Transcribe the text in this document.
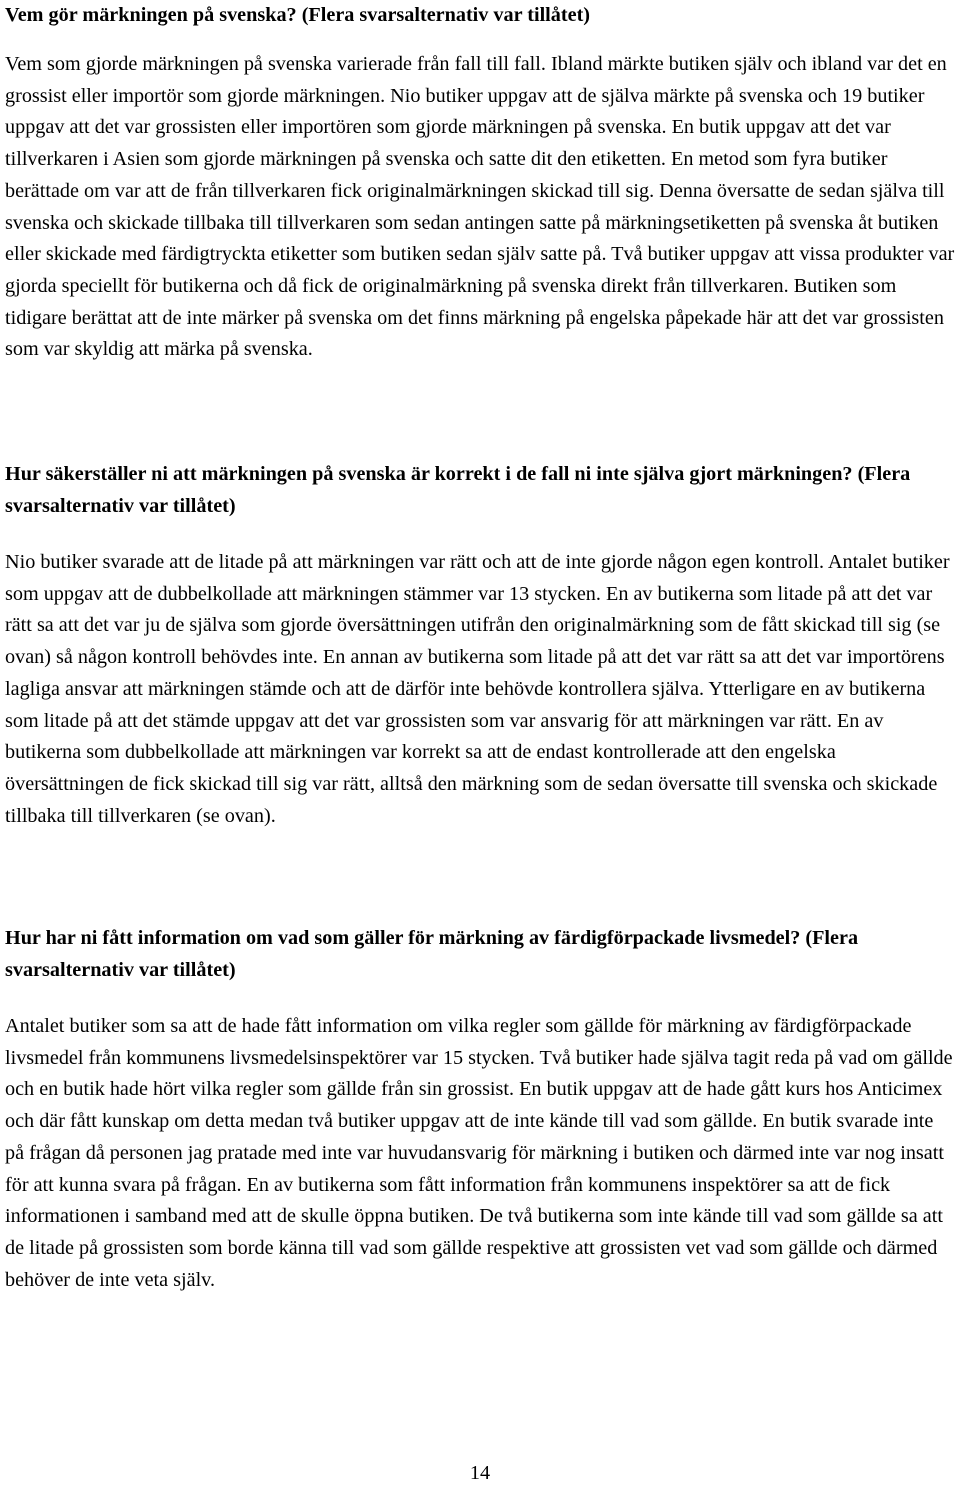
Vem gör märkningen på svenska? (Flera svarsalternativ var tillåtet)

Vem som gjorde märkningen på svenska varierade från fall till fall. Ibland märkte butiken själv och ibland var det en grossist eller importör som gjorde märkningen. Nio butiker uppgav att de själva märkte på svenska och 19 butiker uppgav att det var grossisten eller importören som gjorde märkningen på svenska. En butik uppgav att det var tillverkaren i Asien som gjorde märkningen på svenska och satte dit den etiketten. En metod som fyra butiker berättade om var att de från tillverkaren fick originalmärkningen skickad till sig. Denna översatte de sedan själva till svenska och skickade tillbaka till tillverkaren som sedan antingen satte på märkningsetiketten på svenska åt butiken eller skickade med färdigtryckta etiketter som butiken sedan själv satte på. Två butiker uppgav att vissa produkter var gjorda speciellt för butikerna och då fick de originalmärkning på svenska direkt från tillverkaren. Butiken som tidigare berättat att de inte märker på svenska om det finns märkning på engelska påpekade här att det var grossisten som var skyldig att märka på svenska.

Hur säkerställer ni att märkningen på svenska är korrekt i de fall ni inte själva gjort märkningen? (Flera svarsalternativ var tillåtet)

Nio butiker svarade att de litade på att märkningen var rätt och att de inte gjorde någon egen kontroll. Antalet butiker som uppgav att de dubbelkollade att märkningen stämmer var 13 stycken. En av butikerna som litade på att det var rätt sa att det var ju de själva som gjorde översättningen utifrån den originalmärkning som de fått skickad till sig (se ovan) så någon kontroll behövdes inte. En annan av butikerna som litade på att det var rätt sa att det var importörens lagliga ansvar att märkningen stämde och att de därför inte behövde kontrollera själva. Ytterligare en av butikerna som litade på att det stämde uppgav att det var grossisten som var ansvarig för att märkningen var rätt. En av butikerna som dubbelkollade att märkningen var korrekt sa att de endast kontrollerade att den engelska översättningen de fick skickad till sig var rätt, alltså den märkning som de sedan översatte till svenska och skickade tillbaka till tillverkaren (se ovan).

Hur har ni fått information om vad som gäller för märkning av färdigförpackade livsmedel? (Flera svarsalternativ var tillåtet)

Antalet butiker som sa att de hade fått information om vilka regler som gällde för märkning av färdigförpackade livsmedel från kommunens livsmedelsinspektörer var 15 stycken. Två butiker hade själva tagit reda på vad om gällde och en butik hade hört vilka regler som gällde från sin grossist. En butik uppgav att de hade gått kurs hos Anticimex och där fått kunskap om detta medan två butiker uppgav att de inte kände till vad som gällde. En butik svarade inte på frågan då personen jag pratade med inte var huvudansvarig för märkning i butiken och därmed inte var nog insatt för att kunna svara på frågan. En av butikerna som fått information från kommunens inspektörer sa att de fick informationen i samband med att de skulle öppna butiken. De två butikerna som inte kände till vad som gällde sa att de litade på grossisten som borde känna till vad som gällde respektive att grossisten vet vad som gällde och därmed behöver de inte veta själv.

14
